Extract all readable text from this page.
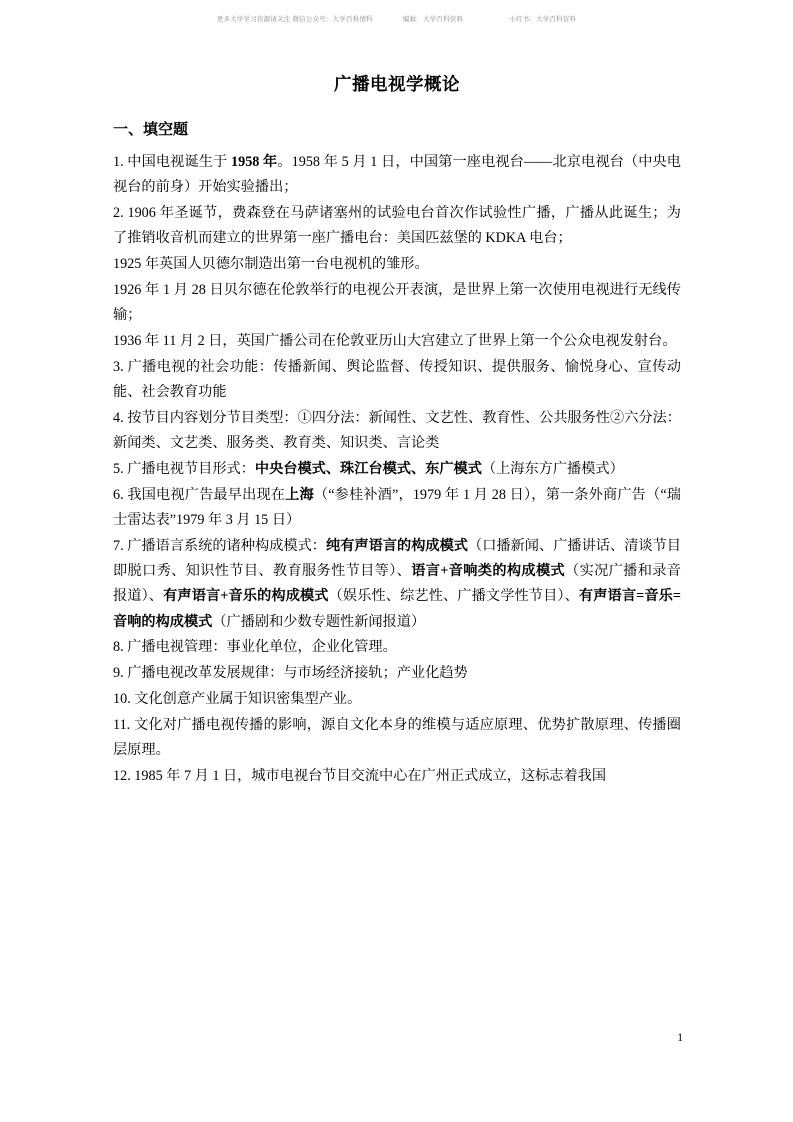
更多大学学习资源请关注 微信公众号：大学百科情科	编辑：大学百科资料	小红书：大学百科资料
广播电视学概论
一、填空题
1. 中国电视诞生于 1958 年。1958 年 5 月 1 日，中国第一座电视台——北京电视台（中央电视台的前身）开始实验播出；
2. 1906 年圣诞节，费森登在马萨诸塞州的试验电台首次作试验性广播，广播从此诞生；为了推销收音机而建立的世界第一座广播电台：美国匹兹堡的 KDKA 电台；
1925 年英国人贝德尔制造出第一台电视机的雏形。
1926 年 1 月 28 日贝尔德在伦敦举行的电视公开表演，是世界上第一次使用电视进行无线传输；
1936 年 11 月 2 日，英国广播公司在伦敦亚历山大宫建立了世界上第一个公众电视发射台。
3. 广播电视的社会功能：传播新闻、舆论监督、传授知识、提供服务、愉悦身心、宣传动能、社会教育功能
4. 按节目内容划分节目类型：①四分法：新闻性、文艺性、教育性、公共服务性②六分法：新闻类、文艺类、服务类、教育类、知识类、言论类
5. 广播电视节目形式：中央台模式、珠江台模式、东广模式（上海东方广播模式）
6. 我国电视广告最早出现在上海（“参桂补酒”，1979 年 1 月 28 日），第一条外商广告（“瑞士雷达表”1979 年 3 月 15 日）
7. 广播语言系统的诸种构成模式：纯有声语言的构成模式（口播新闻、广播讲话、清谈节目即脱口秀、知识性节目、教育服务性节目等）、语言+音响类的构成模式（实况广播和录音报道）、有声语言+音乐的构成模式（娱乐性、综艺性、广播文学性节目）、有声语言=音乐=音响的构成模式（广播剧和少数专题性新闻报道）
8. 广播电视管理：事业化单位，企业化管理。
9. 广播电视改革发展规律：与市场经济接轨；产业化趋势
10. 文化创意产业属于知识密集型产业。
11. 文化对广播电视传播的影响，源自文化本身的维模与适应原理、优势扩散原理、传播圈层原理。
12. 1985 年 7 月 1 日，城市电视台节目交流中心在广州正式成立，这标志着我国
1
